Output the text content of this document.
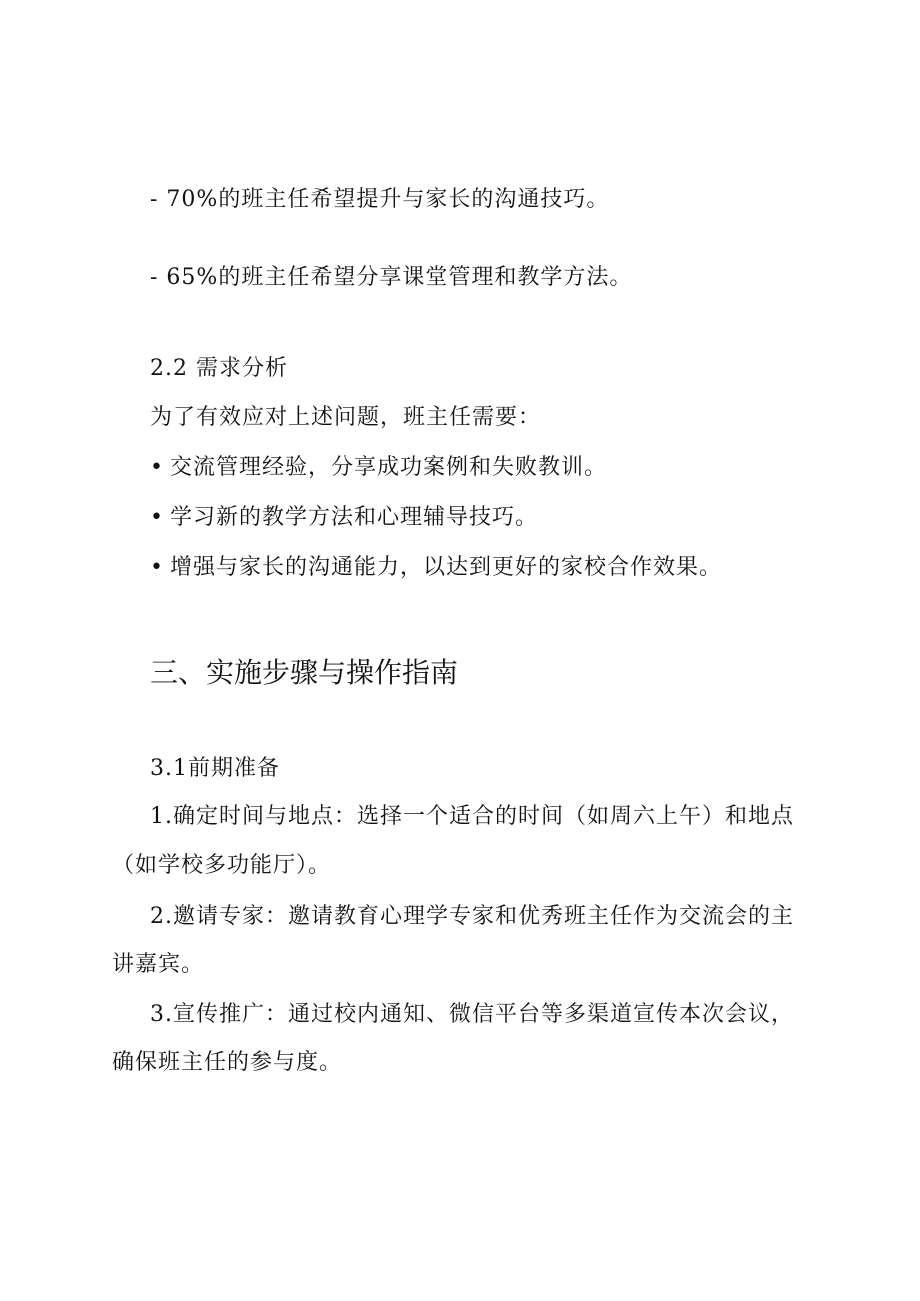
- 70%的班主任希望提升与家长的沟通技巧。
- 65%的班主任希望分享课堂管理和教学方法。
2.2 需求分析
为了有效应对上述问题，班主任需要：
• 交流管理经验，分享成功案例和失败教训。
• 学习新的教学方法和心理辅导技巧。
• 增强与家长的沟通能力，以达到更好的家校合作效果。
三、实施步骤与操作指南
3.1前期准备
1.确定时间与地点：选择一个适合的时间（如周六上午）和地点
（如学校多功能厅）。
2.邀请专家：邀请教育心理学专家和优秀班主任作为交流会的主
讲嘉宾。
3.宣传推广：通过校内通知、微信平台等多渠道宣传本次会议，
确保班主任的参与度。
